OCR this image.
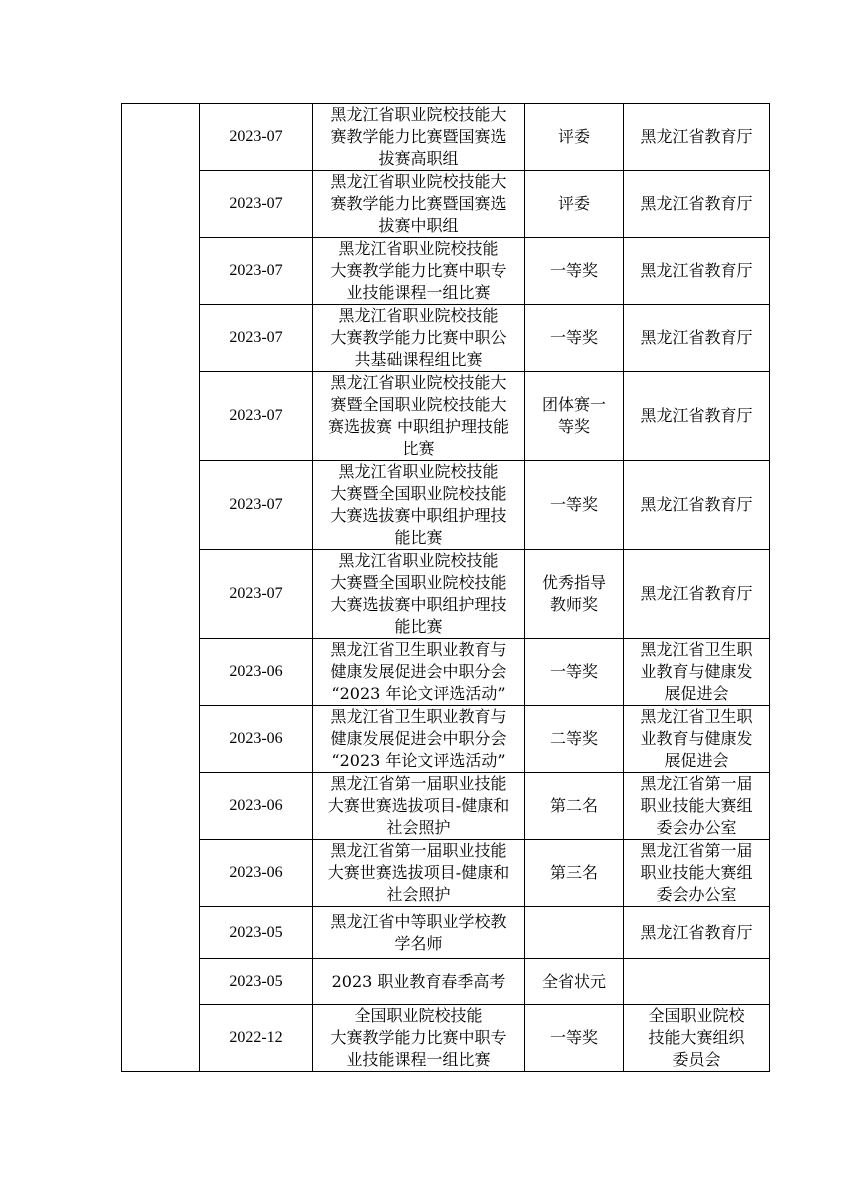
	2023-07	黑龙江省职业院校技能大
赛教学能力比赛暨国赛选
拔赛高职组	评委	黑龙江省教育厅

	2023-07	黑龙江省职业院校技能大
赛教学能力比赛暨国赛选
拔赛中职组	评委	黑龙江省教育厅

	2023-07	黑龙江省职业院校技能
大赛教学能力比赛中职专
业技能课程一组比赛	一等奖	黑龙江省教育厅

	2023-07	黑龙江省职业院校技能
大赛教学能力比赛中职公
共基础课程组比赛	一等奖	黑龙江省教育厅

	2023-07	黑龙江省职业院校技能大
赛暨全国职业院校技能大
赛选拔赛 中职组护理技能
比赛	团体赛一
等奖	黑龙江省教育厅

	2023-07	黑龙江省职业院校技能
大赛暨全国职业院校技能
大赛选拔赛中职组护理技
能比赛	一等奖	黑龙江省教育厅

	2023-07	黑龙江省职业院校技能
大赛暨全国职业院校技能
大赛选拔赛中职组护理技
能比赛	优秀指导
教师奖	黑龙江省教育厅

	2023-06	黑龙江省卫生职业教育与
健康发展促进会中职分会
“2023 年论文评选活动”	一等奖	黑龙江省卫生职
业教育与健康发
展促进会

	2023-06	黑龙江省卫生职业教育与
健康发展促进会中职分会
“2023 年论文评选活动”	二等奖	黑龙江省卫生职
业教育与健康发
展促进会

	2023-06	黑龙江省第一届职业技能
大赛世赛选拔项目-健康和
社会照护	第二名	黑龙江省第一届
职业技能大赛组
委会办公室

	2023-06	黑龙江省第一届职业技能
大赛世赛选拔项目-健康和
社会照护	第三名	黑龙江省第一届
职业技能大赛组
委会办公室

	2023-05	黑龙江省中等职业学校教
学名师		黑龙江省教育厅

	2023-05	2023 职业教育春季高考	全省状元	

	2022-12	全国职业院校技能
大赛教学能力比赛中职专
业技能课程一组比赛	一等奖	全国职业院校
技能大赛组织
委员会
